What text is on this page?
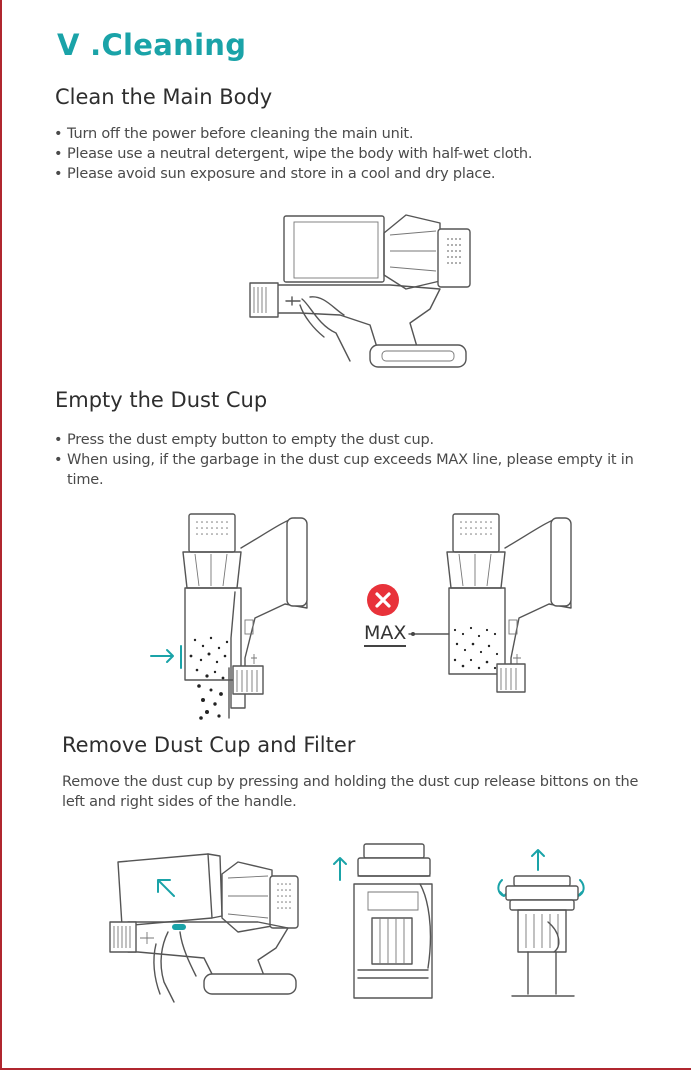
V .Cleaning
Clean the Main Body
• Turn off the power before cleaning the main unit.
• Please use a neutral detergent, wipe the body with half-wet cloth.
• Please avoid sun exposure and store in a cool and dry place.
Empty the Dust Cup
• Press the dust empty button to empty the dust cup.
• When using, if the garbage in the dust cup exceeds MAX line, please empty it in time.
MAX
Remove Dust Cup and Filter

Remove the dust cup by pressing and holding the dust cup release bittons on the left and right sides of the handle.
